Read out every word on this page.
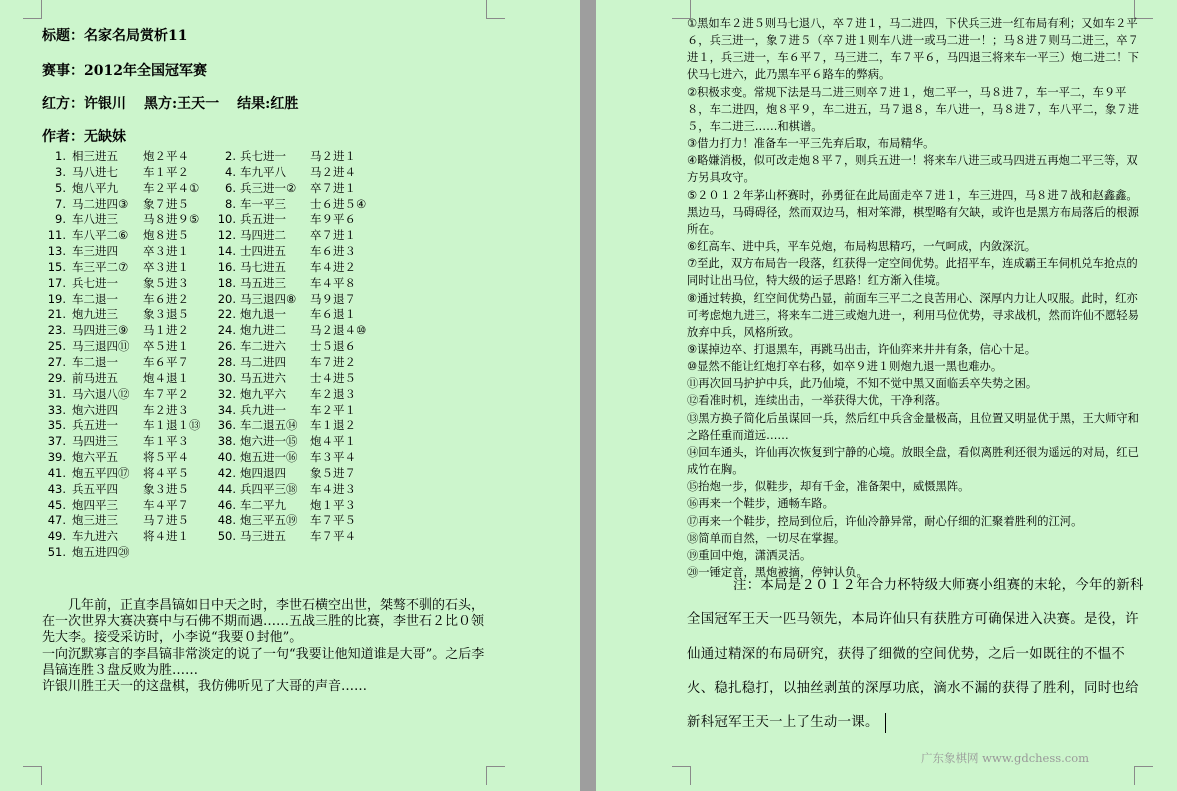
标题：名家名局赏析11
赛事：2012年全国冠军赛
红方：许银川 黑方:王天一 结果:红胜
作者：无缺妹
1. 相三进五 炮２平４	2. 兵七进一 马２进１
3. 马八进七 车１平２	4. 车九平八 马２进４
5. 炮八平九 车２平４①	6. 兵三进一② 卒７进１
7. 马二进四③ 象７进５	8. 车一平三 士６进５④
9. 车八进三 马８进９⑤	10. 兵五进一 车９平６
11. 车八平二⑥ 炮８进５	12. 马四进二 卒７进１
13. 车三进四 卒３进１	14. 士四进五 车６进３
15. 车三平二⑦ 卒３进１	16. 马七进五 车４进２
17. 兵七进一 象５进３	18. 马五进三 车４平８
19. 车二退一 车６进２	20. 马三退四⑧ 马９退７
21. 炮九进三 象３退５	22. 炮九退一 车６退１
23. 马四进三⑨ 马１进２	24. 炮九进二 马２退４⑩
25. 马三退四⑪ 卒５进１	26. 车二进六 士５退６
27. 车二退一 车６平７	28. 马二进四 车７进２
29. 前马进五 炮４退１	30. 马五进六 士４进５
31. 马六退八⑫ 车７平２	32. 炮九平六 车２退３
33. 炮六进四 车２进３	34. 兵九进一 车２平１
35. 兵五进一 车１退１⑬	36. 车二退五⑭ 车１退２
37. 马四进三 车１平３	38. 炮六进一⑮ 炮４平１
39. 炮六平五 将５平４	40. 炮五进一⑯ 车３平４
41. 炮五平四⑰ 将４平５	42. 炮四退四 象５进７
43. 兵五平四 象３进５	44. 兵四平三⑱ 车４进３
45. 炮四平三 车４平７	46. 车二平九 炮１平３
47. 炮三进三 马７进５	48. 炮三平五⑲ 车７平５
49. 车九进六 将４进１	50. 马三进五 车７平４
51. 炮五进四⑳

几年前，正直李昌镐如日中天之时，李世石横空出世，桀骜不驯的石头，在一次世界大赛决赛中与石佛不期而遇……五战三胜的比赛，李世石２比０领先大李。接受采访时，小李说“我要０封他”。

一向沉默寡言的李昌镐非常淡定的说了一句“我要让他知道谁是大哥”。之后李昌镐连胜３盘反败为胜……

许银川胜王天一的这盘棋，我仿佛听见了大哥的声音……

①黑如车２进５则马七退八，卒７进１，马二进四，下伏兵三进一红布局有利；又如车２平６，兵三进一，象７进５（卒７进１则车八进一或马二进一！；马８进７则马二进三，卒７进１，兵三进一，车６平７，马三进二，车７平６，马四退三将来车一平三）炮二进二！下伏马七进六，此乃黑车平６路车的弊病。

②积极求变。常规下法是马二进三则卒７进１，炮二平一，马８进７，车一平二，车９平８，车二进四，炮８平９，车二进五，马７退８，车八进一，马８进７，车八平二，象７进５，车二进三……和棋谱。

③借力打力！准备车一平三先弃后取，布局精华。

④略嫌消极，似可改走炮８平７，则兵五进一！将来车八进三或马四进五再炮二平三等，双方另具攻守。

⑤２０１２年茅山杯赛时，孙勇征在此局面走卒７进１，车三进四，马８进７战和赵鑫鑫。黑边马，马碍碍径，然而双边马，相对笨滞，棋型略有欠缺，或许也是黑方布局落后的根源所在。

⑥红高车、进中兵，平车兑炮，布局构思精巧，一气呵成，内敛深沉。

⑦至此，双方布局告一段落，红获得一定空间优势。此招平车，连成霸王车伺机兑车抢点的同时让出马位，特大级的运子思路！红方渐入佳境。

⑧通过转换，红空间优势凸显，前面车三平二之良苦用心、深厚内力让人叹服。此时，红亦可考虑炮九进三，将来车二进三或炮九进一，利用马位优势，寻求战机，然而许仙不愿轻易放弃中兵，风格所致。

⑨谋掉边卒、打退黑车，再跳马出击，许仙弈来井井有条，信心十足。

⑩显然不能让红炮打卒右移，如卒９进１则炮九退一黑也难办。

⑪再次回马护护中兵，此乃仙境，不知不觉中黑又面临丢卒失势之困。

⑫看准时机，连续出击，一举获得大优，干净利落。

⑬黑方换子简化后虽谋回一兵，然后红中兵含金量极高，且位置又明显优于黑，王大师守和之路任重而道远……

⑭回车通头，许仙再次恢复到宁静的心境。放眼全盘，看似离胜利还很为遥远的对局，红已成竹在胸。

⑮抬炮一步，似鞋步，却有千金，准备架中，威慑黑阵。

⑯再来一个鞋步，通畅车路。

⑰再来一个鞋步，控局到位后，许仙冷静异常，耐心仔细的汇聚着胜利的江河。

⑱简单而自然，一切尽在掌握。

⑲重回中炮，潇洒灵活。

⑳一锤定音，黑炮被摘，停钟认负。

注：本局是２０１２年合力杯特级大师赛小组赛的末轮，今年的新科全国冠军王天一匹马领先，本局许仙只有获胜方可确保进入决赛。是役，许仙通过精深的布局研究，获得了细微的空间优势，之后一如既往的不愠不火、稳扎稳打，以抽丝剥茧的深厚功底，滴水不漏的获得了胜利，同时也给新科冠军王天一上了生动一课。

广东象棋网 www.gdchess.com
